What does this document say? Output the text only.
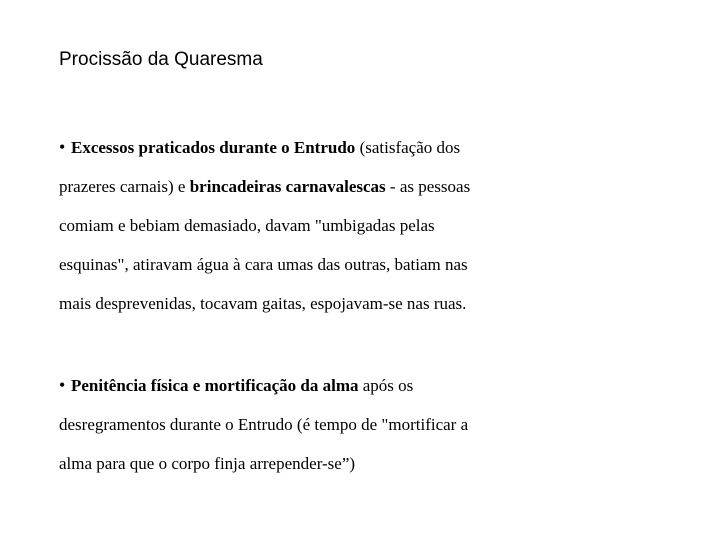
Procissão da Quaresma
• Excessos praticados durante o Entrudo (satisfação dos
prazeres carnais) e brincadeiras carnavalescas - as pessoas
comiam e bebiam demasiado, davam "umbigadas pelas
esquinas", atiravam água à cara umas das outras, batiam nas
mais desprevenidas, tocavam gaitas, espojavam-se nas ruas.
• Penitência física e mortificação da alma após os
desregramentos durante o Entrudo (é tempo de "mortificar a
alma para que o corpo finja arrepender-se”)
